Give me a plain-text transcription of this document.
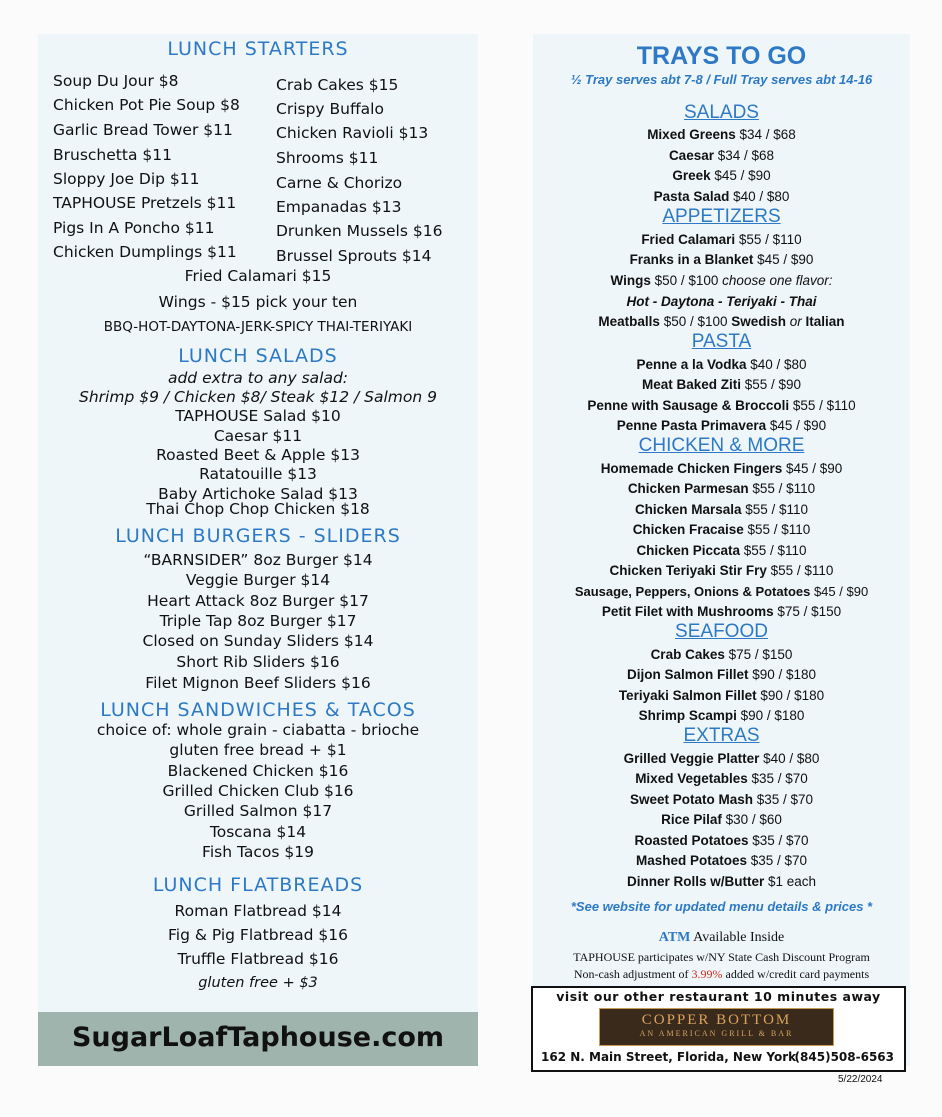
LUNCH STARTERS
Soup Du Jour $8
Chicken Pot Pie Soup $8
Garlic Bread Tower $11
Bruschetta $11
Sloppy Joe Dip $11
TAPHOUSE Pretzels $11
Pigs In A Poncho $11
Chicken Dumplings $11
Crab Cakes $15
Crispy Buffalo
Chicken Ravioli $13
Shrooms $11
Carne & Chorizo
Empanadas $13
Drunken Mussels $16
Brussel Sprouts $14
Fried Calamari $15
Wings - $15 pick your ten
BBQ-HOT-DAYTONA-JERK-SPICY THAI-TERIYAKI
LUNCH SALADS
add extra to any salad:
Shrimp $9 / Chicken $8/ Steak $12 / Salmon 9
TAPHOUSE Salad $10
Caesar $11
Roasted Beet & Apple $13
Ratatouille $13
Baby Artichoke Salad $13
Thai Chop Chop Chicken $18
LUNCH BURGERS - SLIDERS
“BARNSIDER” 8oz Burger $14
Veggie Burger $14
Heart Attack 8oz Burger $17
Triple Tap 8oz Burger $17
Closed on Sunday Sliders $14
Short Rib Sliders $16
Filet Mignon Beef Sliders $16
LUNCH SANDWICHES & TACOS
choice of: whole grain - ciabatta - brioche
gluten free bread + $1
Blackened Chicken $16
Grilled Chicken Club $16
Grilled Salmon $17
Toscana $14
Fish Tacos $19
LUNCH FLATBREADS
Roman Flatbread $14
Fig & Pig Flatbread $16
Truffle Flatbread $16
gluten free + $3
SugarLoafTaphouse.com
TRAYS TO GO
½ Tray serves abt 7-8 / Full Tray serves abt 14-16
SALADS
Mixed Greens $34 / $68
Caesar $34 / $68
Greek $45 / $90
Pasta Salad $40 / $80
APPETIZERS
Fried Calamari $55 / $110
Franks in a Blanket $45 / $90
Wings $50 / $100 choose one flavor:
Hot - Daytona - Teriyaki - Thai
Meatballs $50 / $100 Swedish or Italian
PASTA
Penne a la Vodka $40 / $80
Meat Baked Ziti $55 / $90
Penne with Sausage & Broccoli $55 / $110
Penne Pasta Primavera $45 / $90
CHICKEN & MORE
Homemade Chicken Fingers $45 / $90
Chicken Parmesan $55 / $110
Chicken Marsala $55 / $110
Chicken Fracaise $55 / $110
Chicken Piccata $55 / $110
Chicken Teriyaki Stir Fry $55 / $110
Sausage, Peppers, Onions & Potatoes $45 / $90
Petit Filet with Mushrooms $75 / $150
SEAFOOD
Crab Cakes $75 / $150
Dijon Salmon Fillet $90 / $180
Teriyaki Salmon Fillet $90 / $180
Shrimp Scampi $90 / $180
EXTRAS
Grilled Veggie Platter $40 / $80
Mixed Vegetables $35 / $70
Sweet Potato Mash $35 / $70
Rice Pilaf $30 / $60
Roasted Potatoes $35 / $70
Mashed Potatoes $35 / $70
Dinner Rolls w/Butter $1 each
*See website for updated menu details & prices *
ATM Available Inside
TAPHOUSE participates w/NY State Cash Discount Program
Non-cash adjustment of 3.99% added w/credit card payments
visit our other restaurant 10 minutes away
COPPER BOTTOM
AN AMERICAN GRILL & BAR
162 N. Main Street, Florida, New York
(845)508-6563
5/22/2024
